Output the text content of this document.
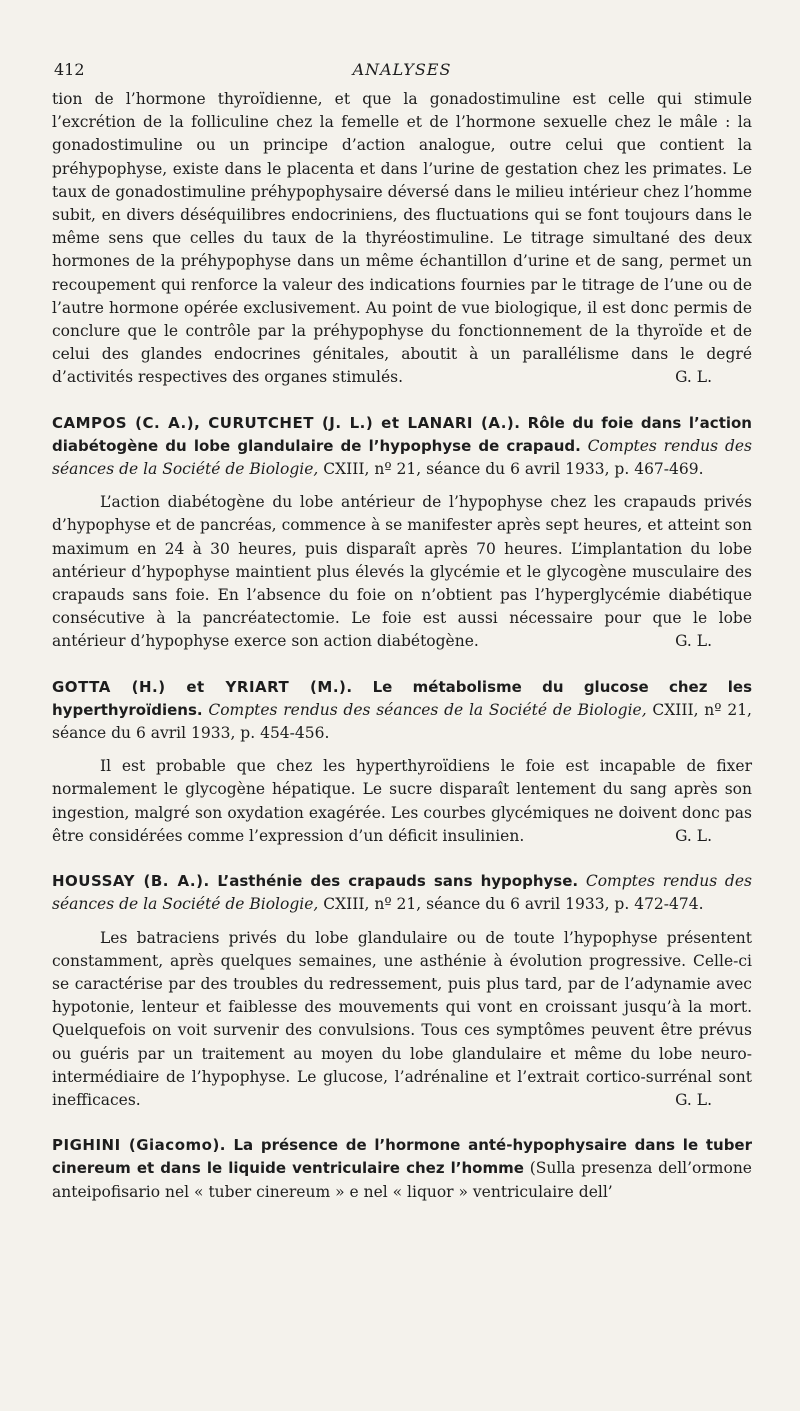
412	ANALYSES

tion de l’hormone thyroïdienne, et que la gonadostimuline est celle qui stimule l’excrétion de la folliculine chez la femelle et de l’hormone sexuelle chez le mâle : la gonadostimuline ou un principe d’action analogue, outre celui que contient la préhypophyse, existe dans le placenta et dans l’urine de gestation chez les primates. Le taux de gonadostimuline préhypophysaire déversé dans le milieu intérieur chez l’homme subit, en divers déséquilibres endocriniens, des fluctuations qui se font toujours dans le même sens que celles du taux de la thyréostimuline. Le titrage simultané des deux hormones de la préhypophyse dans un même échantillon d’urine et de sang, permet un recoupement qui renforce la valeur des indications fournies par le titrage de l’une ou de l’autre hormone opérée exclusivement. Au point de vue biologique, il est donc permis de conclure que le contrôle par la préhypophyse du fonctionnement de la thyroïde et de celui des glandes endocrines génitales, aboutit à un parallélisme dans le degré d’activités respectives des organes stimulés.	G. L.

CAMPOS (C. A.), CURUTCHET (J. L.) et LANARI (A.). Rôle du foie dans l’action diabétogène du lobe glandulaire de l’hypophyse de crapaud. Comptes rendus des séances de la Société de Biologie, CXIII, nº 21, séance du 6 avril 1933, p. 467-469.

L’action diabétogène du lobe antérieur de l’hypophyse chez les crapauds privés d’hypophyse et de pancréas, commence à se manifester après sept heures, et atteint son maximum en 24 à 30 heures, puis disparaît après 70 heures. L’implantation du lobe antérieur d’hypophyse maintient plus élevés la glycémie et le glycogène musculaire des crapauds sans foie. En l’absence du foie on n’obtient pas l’hyperglycémie diabétique consécutive à la pancréatectomie. Le foie est aussi nécessaire pour que le lobe antérieur d’hypophyse exerce son action diabétogène.	G. L.

GOTTA (H.) et YRIART (M.). Le métabolisme du glucose chez les hyperthyroïdiens. Comptes rendus des séances de la Société de Biologie, CXIII, nº 21, séance du 6 avril 1933, p. 454-456.

Il est probable que chez les hyperthyroïdiens le foie est incapable de fixer normalement le glycogène hépatique. Le sucre disparaît lentement du sang après son ingestion, malgré son oxydation exagérée. Les courbes glycémiques ne doivent donc pas être considérées comme l’expression d’un déficit insulinien.	G. L.

HOUSSAY (B. A.). L’asthénie des crapauds sans hypophyse. Comptes rendus des séances de la Société de Biologie, CXIII, nº 21, séance du 6 avril 1933, p. 472-474.

Les batraciens privés du lobe glandulaire ou de toute l’hypophyse présentent constamment, après quelques semaines, une asthénie à évolution progressive. Celle-ci se caractérise par des troubles du redressement, puis plus tard, par de l’adynamie avec hypotonie, lenteur et faiblesse des mouvements qui vont en croissant jusqu’à la mort. Quelquefois on voit survenir des convulsions. Tous ces symptômes peuvent être prévus ou guéris par un traitement au moyen du lobe glandulaire et même du lobe neuro-intermédiaire de l’hypophyse. Le glucose, l’adrénaline et l’extrait cortico-surrénal sont inefficaces.	G. L.

PIGHINI (Giacomo). La présence de l’hormone anté-hypophysaire dans le tuber cinereum et dans le liquide ventriculaire chez l’homme (Sulla presenza dell’ormone anteipofisario nel « tuber cinereum » e nel « liquor » ventriculaire dell’
